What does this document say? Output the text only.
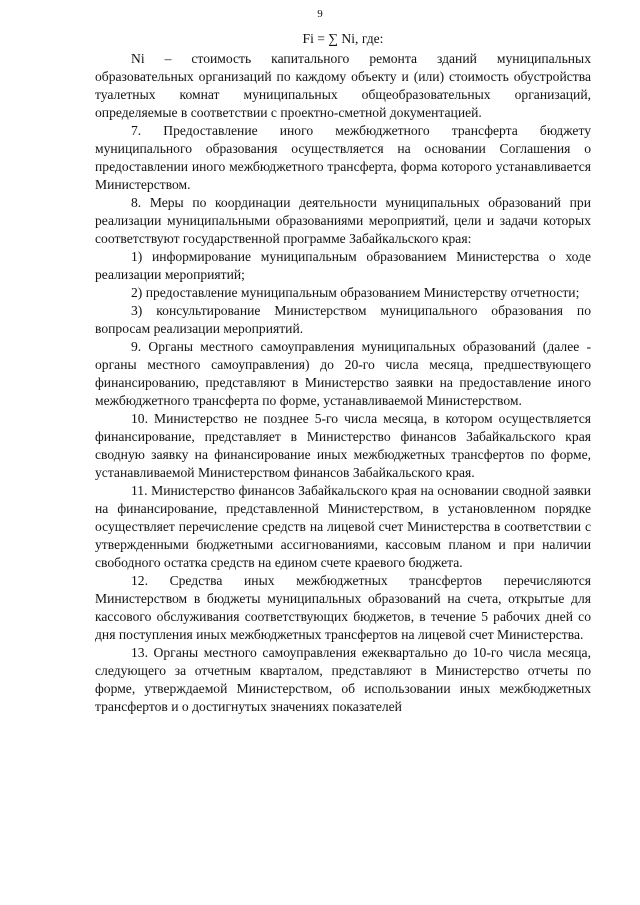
9

Fi = ∑ Ni, где:

Ni – стоимость капитального ремонта зданий муниципальных образовательных организаций по каждому объекту и (или) стоимость обустройства туалетных комнат муниципальных общеобразовательных организаций, определяемые в соответствии с проектно-сметной документацией.

7. Предоставление иного межбюджетного трансферта бюджету муниципального образования осуществляется на основании Соглашения о предоставлении иного межбюджетного трансферта, форма которого устанавливается Министерством.

8. Меры по координации деятельности муниципальных образований при реализации муниципальными образованиями мероприятий, цели и задачи которых соответствуют государственной программе Забайкальского края:

1) информирование муниципальным образованием Министерства о ходе реализации мероприятий;

2) предоставление муниципальным образованием Министерству отчетности;

3) консультирование Министерством муниципального образования по вопросам реализации мероприятий.

9. Органы местного самоуправления муниципальных образований (далее - органы местного самоуправления) до 20-го числа месяца, предшествующего финансированию, представляют в Министерство заявки на предоставление иного межбюджетного трансферта по форме, устанавливаемой Министерством.

10. Министерство не позднее 5-го числа месяца, в котором осуществляется финансирование, представляет в Министерство финансов Забайкальского края сводную заявку на финансирование иных межбюджетных трансфертов по форме, устанавливаемой Министерством финансов Забайкальского края.

11. Министерство финансов Забайкальского края на основании сводной заявки на финансирование, представленной Министерством, в установленном порядке осуществляет перечисление средств на лицевой счет Министерства в соответствии с утвержденными бюджетными ассигнованиями, кассовым планом и при наличии свободного остатка средств на едином счете краевого бюджета.

12. Средства иных межбюджетных трансфертов перечисляются Министерством в бюджеты муниципальных образований на счета, открытые для кассового обслуживания соответствующих бюджетов, в течение 5 рабочих дней со дня поступления иных межбюджетных трансфертов на лицевой счет Министерства.

13. Органы местного самоуправления ежеквартально до 10-го числа месяца, следующего за отчетным кварталом, представляют в Министерство отчеты по форме, утверждаемой Министерством, об использовании иных межбюджетных трансфертов и о достигнутых значениях показателей
